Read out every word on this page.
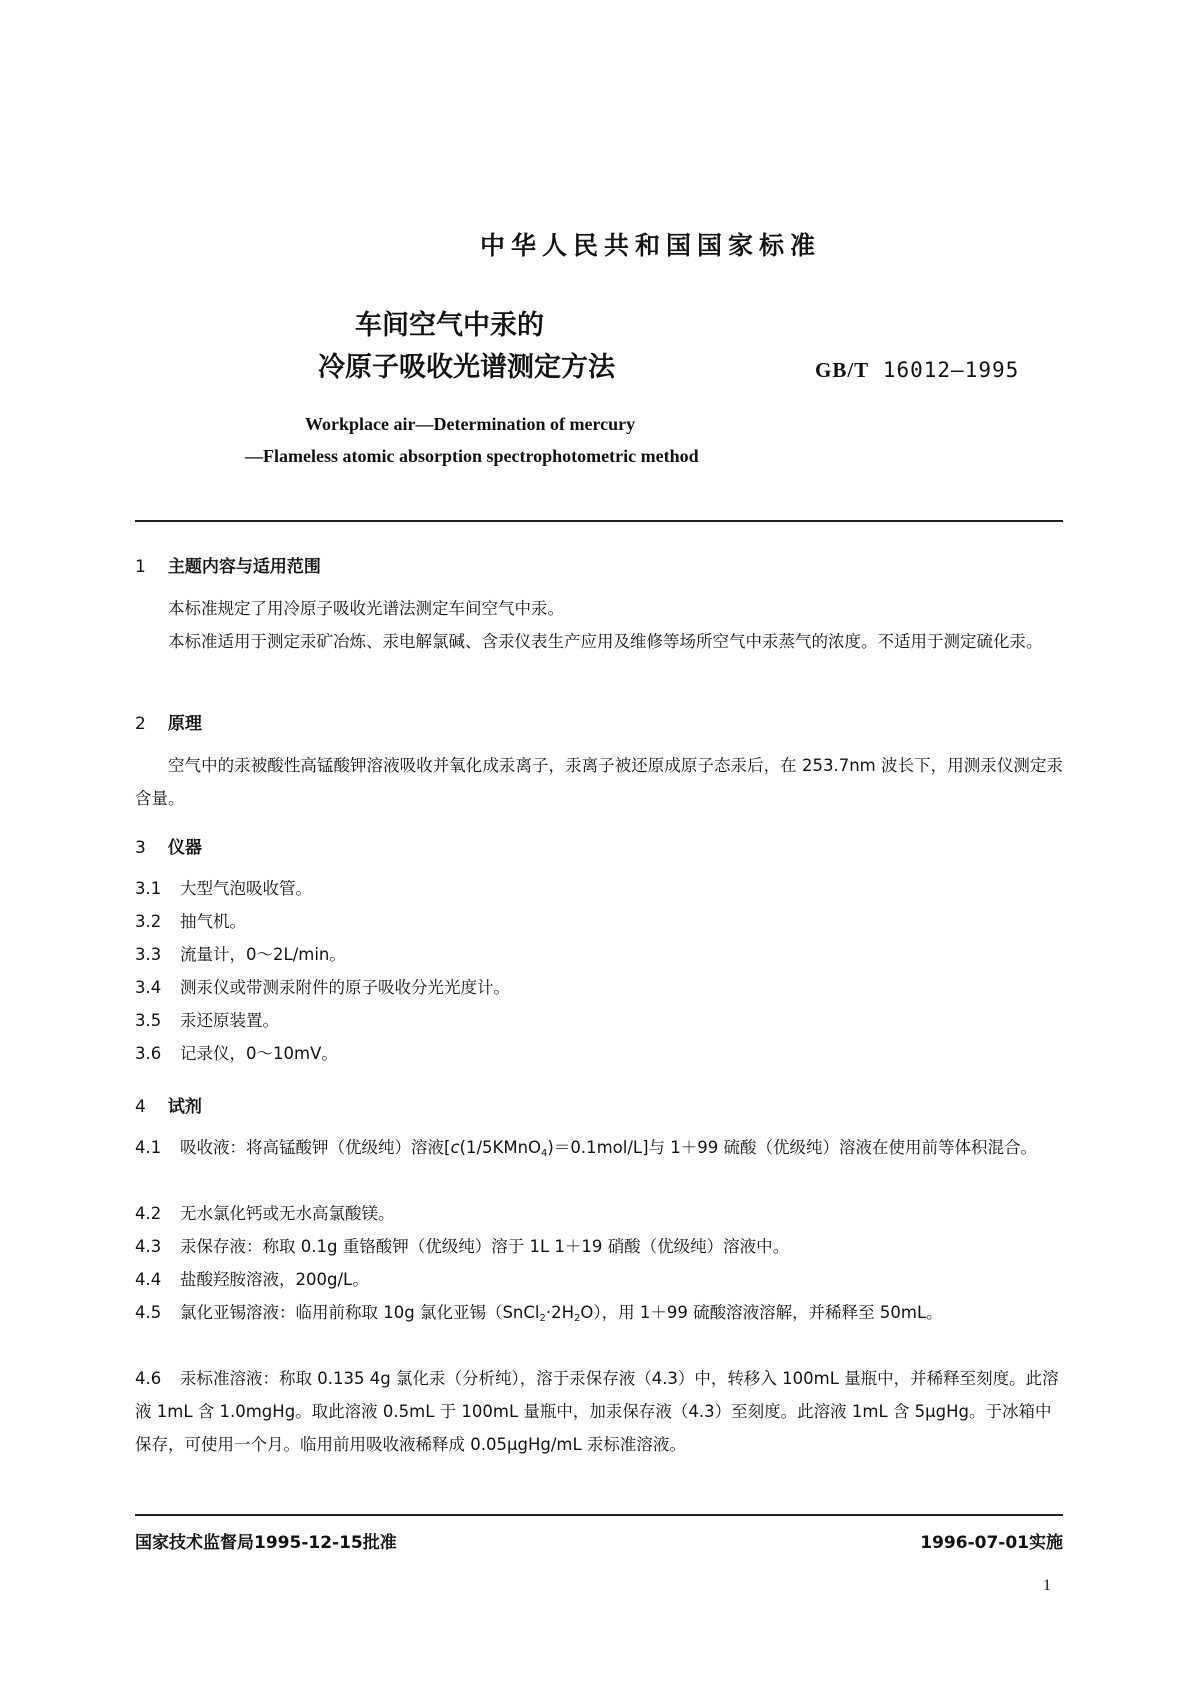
中华人民共和国国家标准
车间空气中汞的
冷原子吸收光谱测定方法	GB/T 16012—1995
Workplace air—Determination of mercury
—Flameless atomic absorption spectrophotometric method
1 主题内容与适用范围
本标准规定了用冷原子吸收光谱法测定车间空气中汞。
本标准适用于测定汞矿冶炼、汞电解氯碱、含汞仪表生产应用及维修等场所空气中汞蒸气的浓度。不适用于测定硫化汞。
2 原理
空气中的汞被酸性高锰酸钾溶液吸收并氧化成汞离子，汞离子被还原成原子态汞后，在 253.7nm 波长下，用测汞仪测定汞含量。
3 仪器
3.1 大型气泡吸收管。
3.2 抽气机。
3.3 流量计，0～2L/min。
3.4 测汞仪或带测汞附件的原子吸收分光光度计。
3.5 汞还原装置。
3.6 记录仪，0～10mV。
4 试剂
4.1 吸收液：将高锰酸钾（优级纯）溶液[c(1/5KMnO$_4$)＝0.1mol/L]与 1＋99 硫酸（优级纯）溶液在使用前等体积混合。
4.2 无水氯化钙或无水高氯酸镁。
4.3 汞保存液：称取 0.1g 重铬酸钾（优级纯）溶于 1L 1＋19 硝酸（优级纯）溶液中。
4.4 盐酸羟胺溶液，200g/L。
4.5 氯化亚锡溶液：临用前称取 10g 氯化亚锡$(SnCl_2\cdot 2H_2O)$，用 1＋99 硫酸溶液溶解，并稀释至 50mL。
4.6 汞标准溶液：称取 0.135 4g 氯化汞（分析纯），溶于汞保存液（4.3）中，转移入 100mL 量瓶中，并稀释至刻度。此溶液 1mL 含 1.0mgHg。取此溶液 0.5mL 于 100mL 量瓶中，加汞保存液（4.3）至刻度。此溶液 1mL 含 5μgHg。于冰箱中保存，可使用一个月。临用前用吸收液稀释成 0.05μgHg/mL 汞标准溶液。
国家技术监督局1995-12-15批准	1996-07-01实施
1
